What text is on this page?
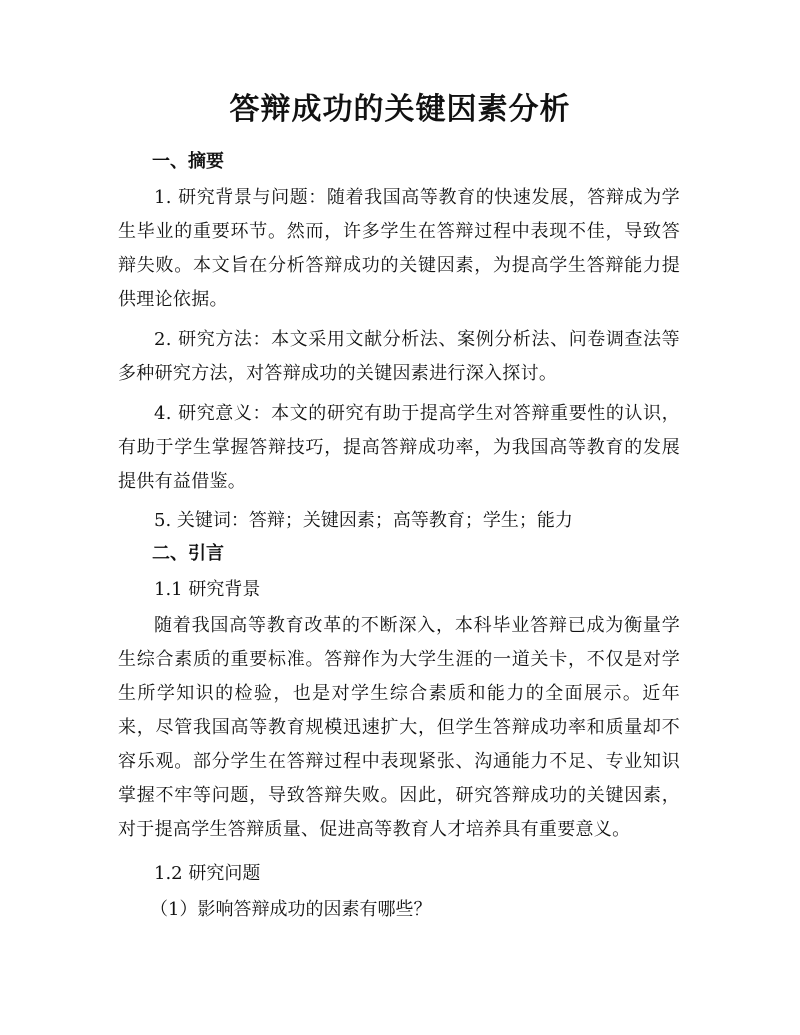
答辩成功的关键因素分析
一、摘要

1. 研究背景与问题：随着我国高等教育的快速发展，答辩成为学生毕业的重要环节。然而，许多学生在答辩过程中表现不佳，导致答辩失败。本文旨在分析答辩成功的关键因素，为提高学生答辩能力提供理论依据。

2. 研究方法：本文采用文献分析法、案例分析法、问卷调查法等多种研究方法，对答辩成功的关键因素进行深入探讨。

4. 研究意义：本文的研究有助于提高学生对答辩重要性的认识，有助于学生掌握答辩技巧，提高答辩成功率，为我国高等教育的发展提供有益借鉴。

5. 关键词：答辩；关键因素；高等教育；学生；能力
二、引言
1.1 研究背景

随着我国高等教育改革的不断深入，本科毕业答辩已成为衡量学生综合素质的重要标准。答辩作为大学生涯的一道关卡，不仅是对学生所学知识的检验，也是对学生综合素质和能力的全面展示。近年来，尽管我国高等教育规模迅速扩大，但学生答辩成功率和质量却不容乐观。部分学生在答辩过程中表现紧张、沟通能力不足、专业知识掌握不牢等问题，导致答辩失败。因此，研究答辩成功的关键因素，对于提高学生答辩质量、促进高等教育人才培养具有重要意义。

1.2 研究问题
（1）影响答辩成功的因素有哪些？
